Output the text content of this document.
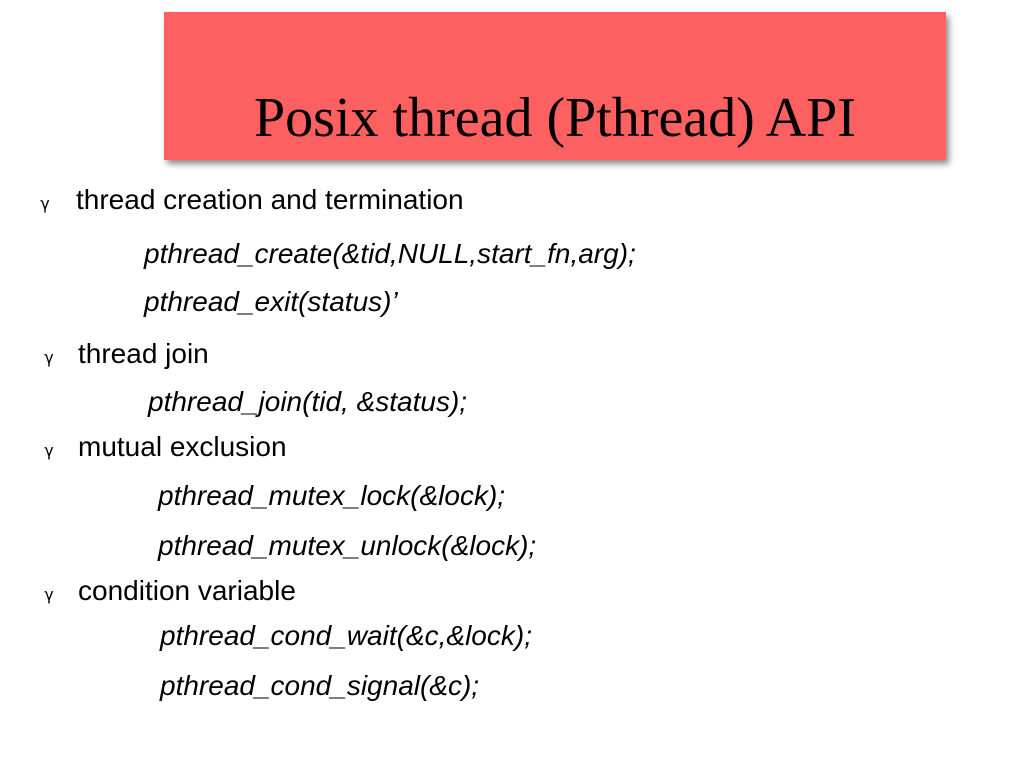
Posix thread (Pthread) API
γ thread creation and termination
pthread_create(&tid,NULL,start_fn,arg);
pthread_exit(status)’
γ thread join
pthread_join(tid, &status);
γ mutual exclusion
pthread_mutex_lock(&lock);
pthread_mutex_unlock(&lock);
γ condition variable
pthread_cond_wait(&c,&lock);
pthread_cond_signal(&c);
